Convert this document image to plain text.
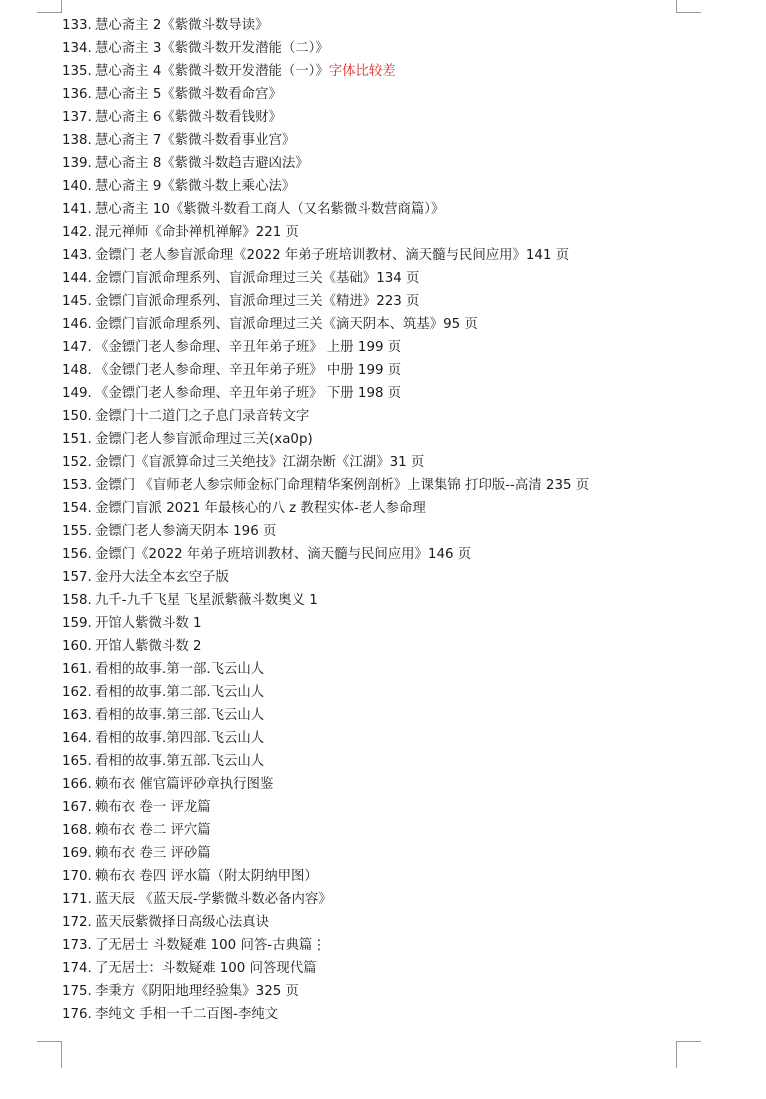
133. 慧心斋主 2《紫微斗数导读》
134. 慧心斋主 3《紫微斗数开发潜能（二）》
135. 慧心斋主 4《紫微斗数开发潜能（一）》字体比较差
136. 慧心斋主 5《紫微斗数看命宫》
137. 慧心斋主 6《紫微斗数看钱财》
138. 慧心斋主 7《紫微斗数看事业宫》
139. 慧心斋主 8《紫微斗数趋吉避凶法》
140. 慧心斋主 9《紫微斗数上乘心法》
141. 慧心斋主 10《紫微斗数看工商人（又名紫微斗数营商篇）》
142. 混元禅师《命卦禅机禅解》221 页
143. 金镖门 老人参盲派命理《2022 年弟子班培训教材、滴天髓与民间应用》141 页
144. 金镖门盲派命理系列、盲派命理过三关《基础》134 页
145. 金镖门盲派命理系列、盲派命理过三关《精进》223 页
146. 金镖门盲派命理系列、盲派命理过三关《滴天阴本、筑基》95 页
147. 《金镖门老人参命理、辛丑年弟子班》 上册 199 页
148. 《金镖门老人参命理、辛丑年弟子班》 中册 199 页
149. 《金镖门老人参命理、辛丑年弟子班》 下册 198 页
150. 金镖门十二道门之子息门录音转文字
151. 金镖门老人参盲派命理过三关(xa0p)
152. 金镖门《盲派算命过三关绝技》江湖杂断《江湖》31 页
153. 金镖门 《盲师老人参宗师金标门命理精华案例剖析》上课集锦 打印版--高清 235 页
154. 金镖门盲派 2021 年最核心的八 z 教程实体-老人参命理
155. 金镖门老人参滴天阴本 196 页
156. 金镖门《2022 年弟子班培训教材、滴天髓与民间应用》146 页
157. 金丹大法全本玄空子版
158. 九千-九千飞星 飞星派紫薇斗数奥义 1
159. 开馆人紫微斗数 1
160. 开馆人紫微斗数 2
161. 看相的故事.第一部.飞云山人
162. 看相的故事.第二部.飞云山人
163. 看相的故事.第三部.飞云山人
164. 看相的故事.第四部.飞云山人
165. 看相的故事.第五部.飞云山人
166. 赖布衣 催官篇评砂章执行图鉴
167. 赖布衣 卷一 评龙篇
168. 赖布衣 卷二 评穴篇
169. 赖布衣 卷三 评砂篇
170. 赖布衣 卷四 评水篇（附太阴纳甲图）
171. 蓝天辰 《蓝天辰-学紫微斗数必备内容》
172. 蓝天辰紫微择日高级心法真诀
173. 了无居士 斗数疑难 100 问答-古典篇⋮
174. 了无居士：斗数疑难 100 问答现代篇
175. 李秉方《阴阳地理经验集》325 页
176. 李纯文 手相一千二百图-李纯文
